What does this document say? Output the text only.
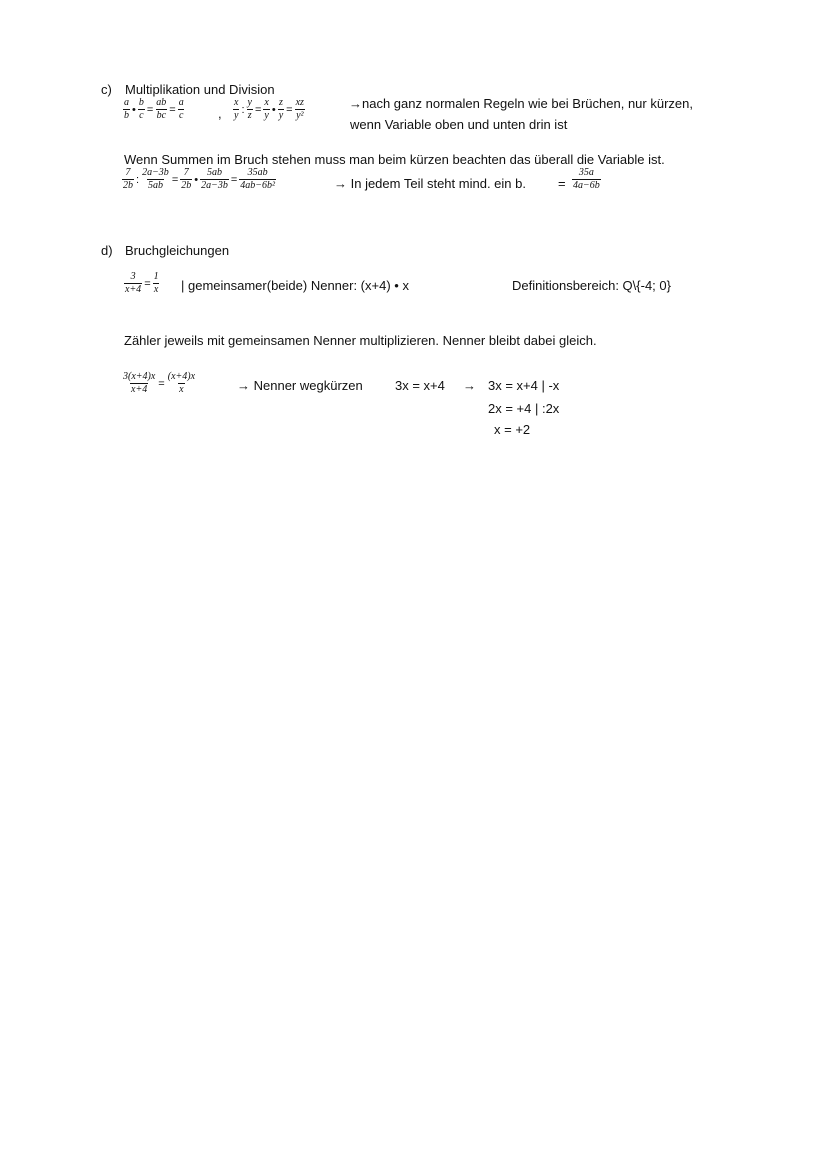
c) Multiplikation und Division
$\frac{a}{b}$ • $\frac{b}{c} = \frac{ab}{bc} = \frac{a}{c}$	, $\frac{x}{y}$ : $\frac{y}{z} = \frac{x}{y}$ • $\frac{z}{y} = \frac{xz}{\text{y²}}$	→nach ganz normalen Regeln wie bei Brüchen, nur kürzen,
wenn Variable oben und unten drin ist
Wenn Summen im Bruch stehen muss man beim kürzen beachten das überall die Variable ist.
$\frac{7}{2b}$ : $\frac{2a-3b}{5ab} = \frac{7}{2b}$ • $\frac{5ab}{2a-3b} = \frac{35ab}{\text{4ab−6b²}}$	→ In jedem Teil steht mind. ein b. = $\frac{35a}{4a-6b}$
d) Bruchgleichungen
$\frac{3}{x+4} = \frac{1}{x}$ | gemeinsamer(beide) Nenner: (x+4) • x	Definitionsbereich: Q\{-4; 0}
Zähler jeweils mit gemeinsamen Nenner multiplizieren. Nenner bleibt dabei gleich.
$\frac{3(x+4)x}{x+4} = \frac{(x+4)x}{x}$	→ Nenner wegkürzen 3x = x+4 → 3x = x+4 | -x
2x = +4 | :2x
x = +2
